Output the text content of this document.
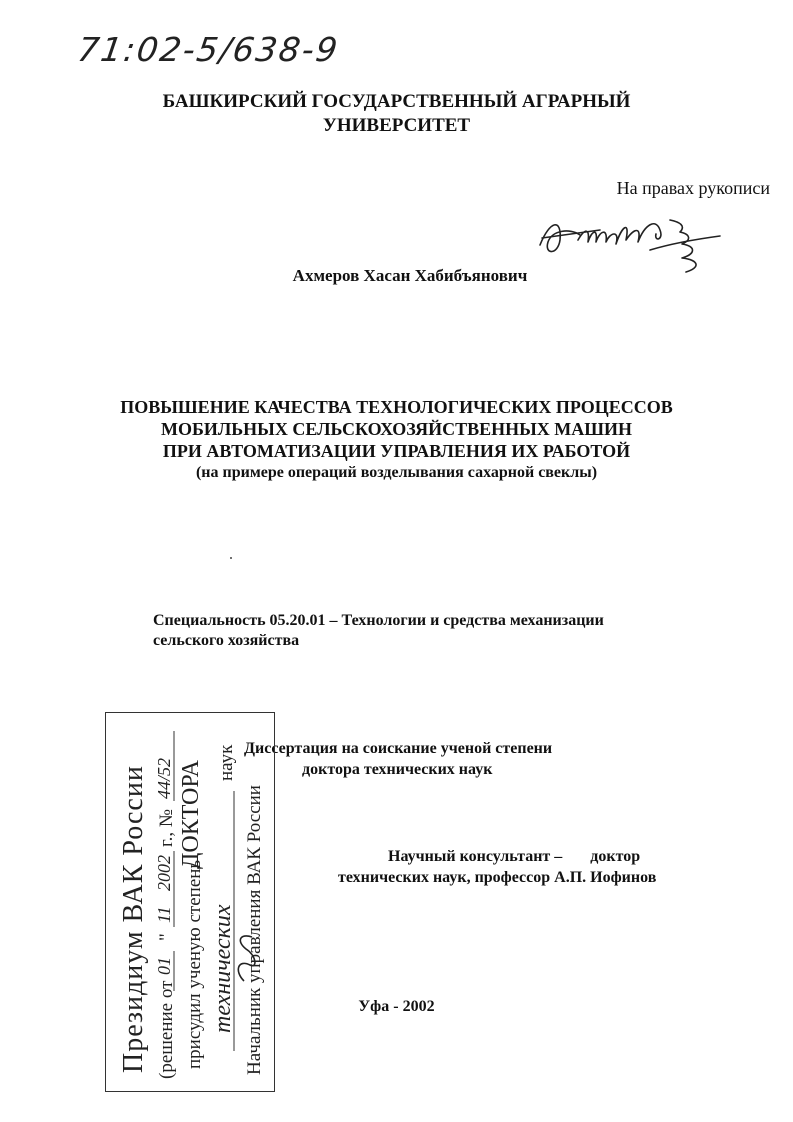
71:02-5/638-9
БАШКИРСКИЙ ГОСУДАРСТВЕННЫЙ АГРАРНЫЙ
УНИВЕРСИТЕТ
На правах рукописи
Ахмеров Хасан Хабибъянович
ПОВЫШЕНИЕ КАЧЕСТВА ТЕХНОЛОГИЧЕСКИХ ПРОЦЕССОВ
МОБИЛЬНЫХ СЕЛЬСКОХОЗЯЙСТВЕННЫХ МАШИН
ПРИ АВТОМАТИЗАЦИИ УПРАВЛЕНИЯ ИХ РАБОТОЙ
(на примере операций возделывания сахарной свеклы)
Специальность 05.20.01 – Технологии и средства механизации
сельского хозяйства
Диссертация на соискание ученой степени
доктора технических наук
Научный консультант –       доктор
технических наук, профессор А.П. Иофинов
Уфа - 2002
Президиум ВАК России (решение от
01
"
11
2002
г., №
44/52
присудил ученую степень
ДОКТОРА
технических
наук
Начальник управления ВАК России
